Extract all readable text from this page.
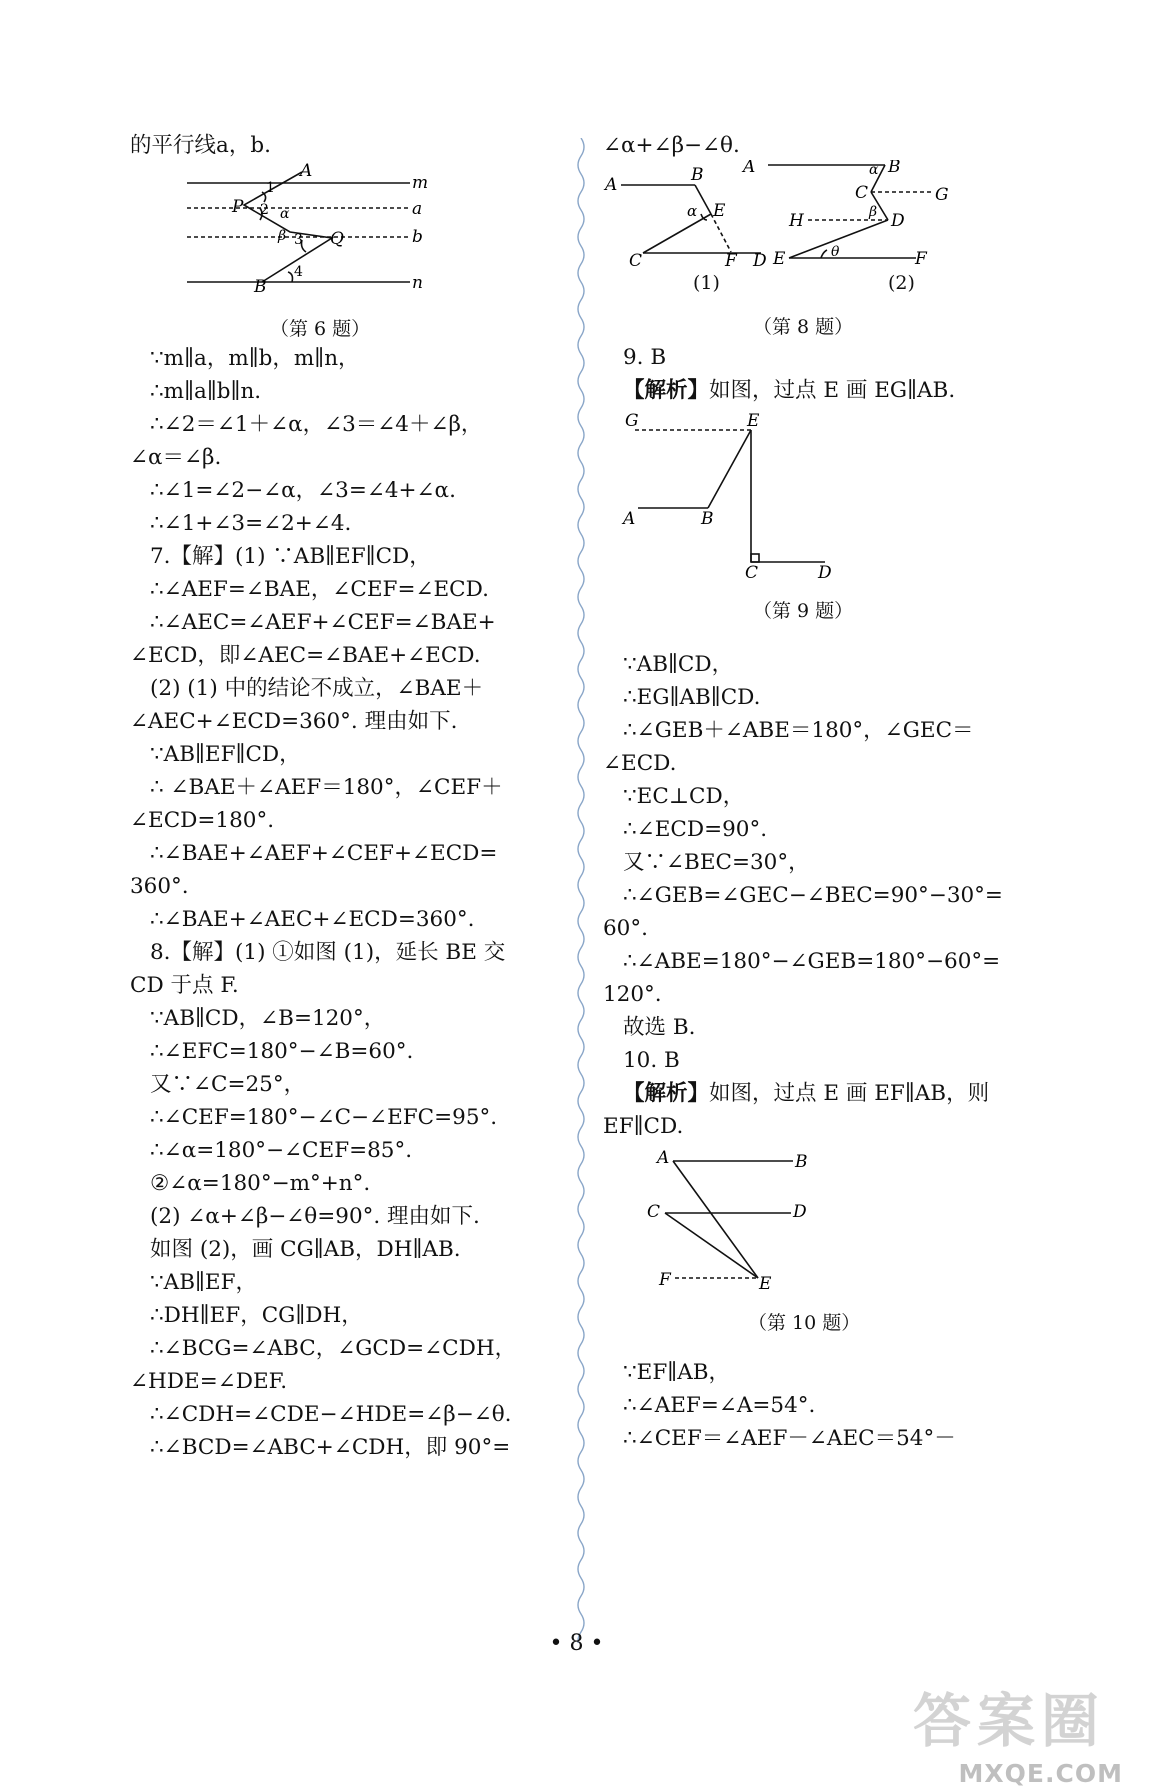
的平行线a，b.
A
m
a
b
n
P
Q
B
1
2 α
β 3
4
（第 6 题）
∵m∥a，m∥b，m∥n，
∴m∥a∥b∥n.
∴∠2＝∠1＋∠α，∠3＝∠4＋∠β，
∠α＝∠β.
∴∠1=∠2−∠α，∠3=∠4+∠α.
∴∠1+∠3=∠2+∠4.
7.【解】(1) ∵AB∥EF∥CD，
∴∠AEF=∠BAE，∠CEF=∠ECD.
∴∠AEC=∠AEF+∠CEF=∠BAE+
∠ECD，即∠AEC=∠BAE+∠ECD.
(2) (1) 中的结论不成立，∠BAE＋
∠AEC+∠ECD=360°. 理由如下.
∵AB∥EF∥CD，
∴ ∠BAE＋∠AEF＝180°，∠CEF＋
∠ECD=180°.
∴∠BAE+∠AEF+∠CEF+∠ECD=
360°.
∴∠BAE+∠AEC+∠ECD=360°.
8.【解】(1) ①如图 (1)，延长 BE 交
CD 于点 F.
∵AB∥CD，∠B=120°，
∴∠EFC=180°−∠B=60°.
又∵∠C=25°，
∴∠CEF=180°−∠C−∠EFC=95°.
∴∠α=180°−∠CEF=85°.
②∠α=180°−m°+n°.
(2) ∠α+∠β−∠θ=90°. 理由如下.
如图 (2)，画 CG∥AB，DH∥AB.
∵AB∥EF，
∴DH∥EF，CG∥DH，
∴∠BCG=∠ABC，∠GCD=∠CDH，
∠HDE=∠DEF.
∴∠CDH=∠CDE−∠HDE=∠β−∠θ.
∴∠BCD=∠ABC+∠CDH，即 90°=
∠α+∠β−∠θ.
A	B
α E
C	F D
A	B
α
C	G
β
H	D
E	θ	F
(1)	(2)
（第 8 题）
9. B
【解析】如图，过点 E 画 EG∥AB.
G	E
A	B
C	D
（第 9 题）
∵AB∥CD，
∴EG∥AB∥CD.
∴∠GEB＋∠ABE＝180°，∠GEC＝
∠ECD.
∵EC⊥CD，
∴∠ECD=90°.
又∵∠BEC=30°，
∴∠GEB=∠GEC−∠BEC=90°−30°=
60°.
∴∠ABE=180°−∠GEB=180°−60°=
120°.
故选 B.
10. B
【解析】如图，过点 E 画 EF∥AB，则
EF∥CD.
A	B
C	D
F	E
（第 10 题）
∵EF∥AB，
∴∠AEF=∠A=54°.
∴∠CEF＝∠AEF－∠AEC＝54°－
• 8 •
答案圈
MXQE.COM
